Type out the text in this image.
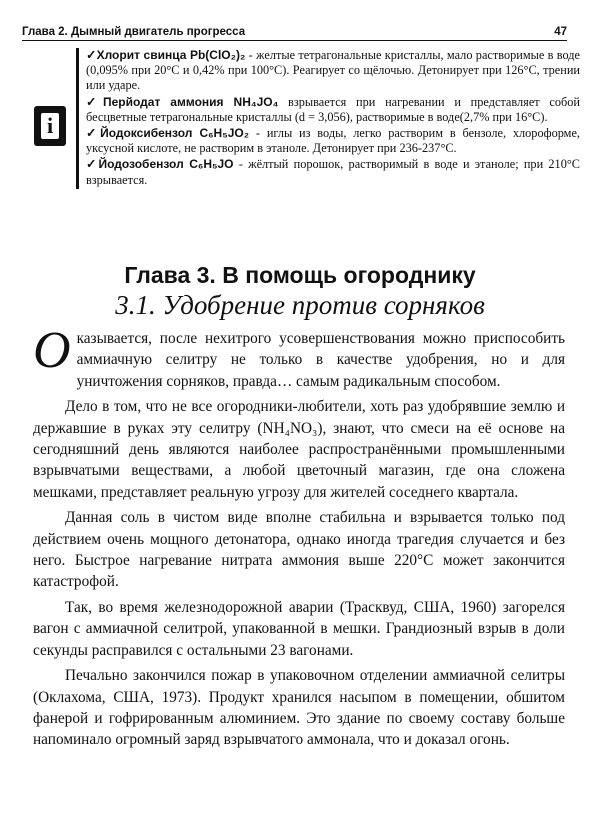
Глава 2. Дымный двигатель прогресса	47
i
✓Хлорит свинца Pb(ClO₂)₂ - желтые тетрагональные кристаллы, мало растворимые в воде (0,095% при 20°C и 0,42% при 100°C). Реагирует со щёлочью. Детонирует при 126°C, трении или ударе.
✓Перйодат аммония NH₄JO₄ взрывается при нагревании и представляет собой бесцветные тетрагональные кристаллы (d = 3,056), растворимые в воде(2,7% при 16°C).
✓Йодоксибензол C₆H₅JO₂ - иглы из воды, легко растворим в бензоле, хлороформе, уксусной кислоте, не растворим в этаноле. Детонирует при 236-237°C.
✓Йодозобензол C₆H₅JO - жёлтый порошок, растворимый в воде и этаноле; при 210°C взрывается.
Глава 3. В помощь огороднику
3.1. Удобрение против сорняков

Оказывается, после нехитрого усовершенствования можно приспособить аммиачную селитру не только в качестве удобрения, но и для уничтожения сорняков, правда… самым радикальным способом.

Дело в том, что не все огородники-любители, хоть раз удобрявшие землю и державшие в руках эту селитру (NH₄NO₃), знают, что смеси на её основе на сегодняшний день являются наиболее распространёнными промышленными взрывчатыми веществами, а любой цветочный магазин, где она сложена мешками, представляет реальную угрозу для жителей соседнего квартала.

Данная соль в чистом виде вполне стабильна и взрывается только под действием очень мощного детонатора, однако иногда трагедия случается и без него. Быстрое нагревание нитрата аммония выше 220°C может закончится катастрофой.

Так, во время железнодорожной аварии (Трасквуд, США, 1960) загорелся вагон с аммиачной селитрой, упакованной в мешки. Грандиозный взрыв в доли секунды расправился с остальными 23 вагонами.

Печально закончился пожар в упаковочном отделении аммиачной селитры (Оклахома, США, 1973). Продукт хранился насыпом в помещении, обшитом фанерой и гофрированным алюминием. Это здание по своему составу больше напоминало огромный заряд взрывчатого аммонала, что и доказал огонь.
